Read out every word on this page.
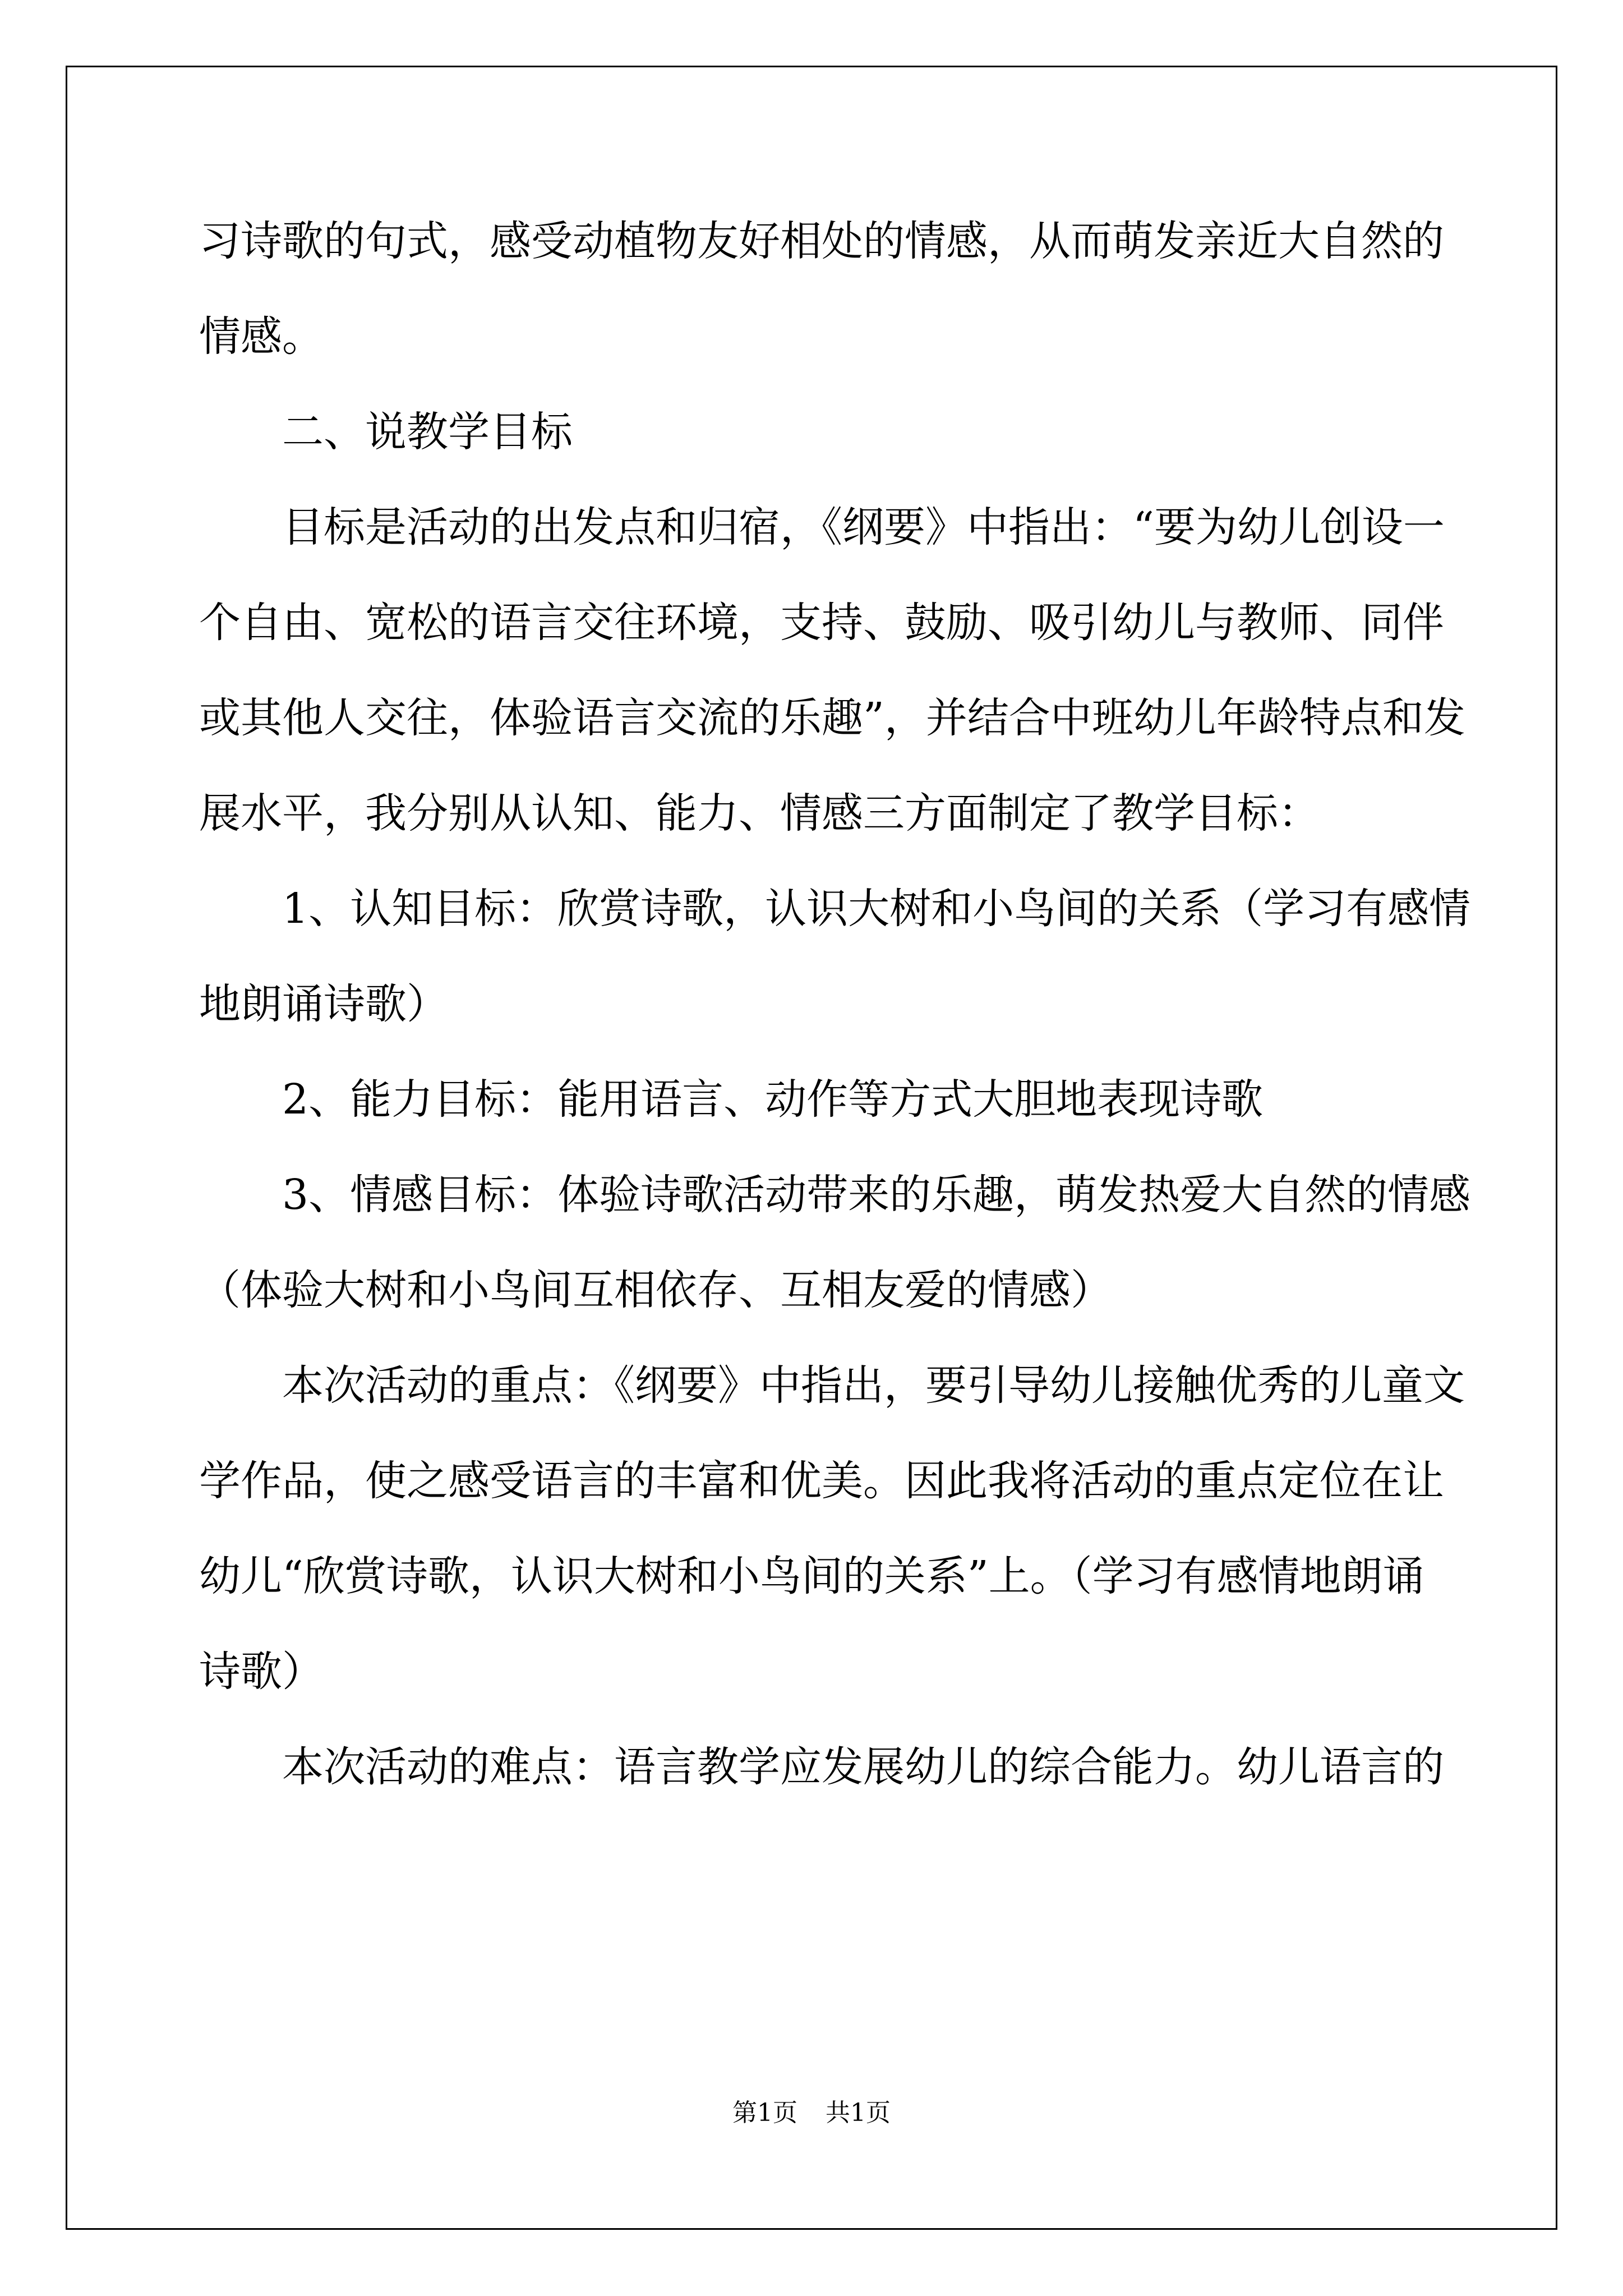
习诗歌的句式，感受动植物友好相处的情感，从而萌发亲近大自然的
情感。
二、说教学目标
目标是活动的出发点和归宿，《纲要》中指出：“要为幼儿创设一
个自由、宽松的语言交往环境，支持、鼓励、吸引幼儿与教师、同伴
或其他人交往，体验语言交流的乐趣”，并结合中班幼儿年龄特点和发
展水平，我分别从认知、能力、情感三方面制定了教学目标：
1、认知目标：欣赏诗歌，认识大树和小鸟间的关系（学习有感情
地朗诵诗歌）
2、能力目标：能用语言、动作等方式大胆地表现诗歌
3、情感目标：体验诗歌活动带来的乐趣，萌发热爱大自然的情感
（体验大树和小鸟间互相依存、互相友爱的情感）
本次活动的重点：《纲要》中指出，要引导幼儿接触优秀的儿童文
学作品，使之感受语言的丰富和优美。因此我将活动的重点定位在让
幼儿“欣赏诗歌，认识大树和小鸟间的关系”上。（学习有感情地朗诵
诗歌）
本次活动的难点：语言教学应发展幼儿的综合能力。幼儿语言的
第1页 共1页
